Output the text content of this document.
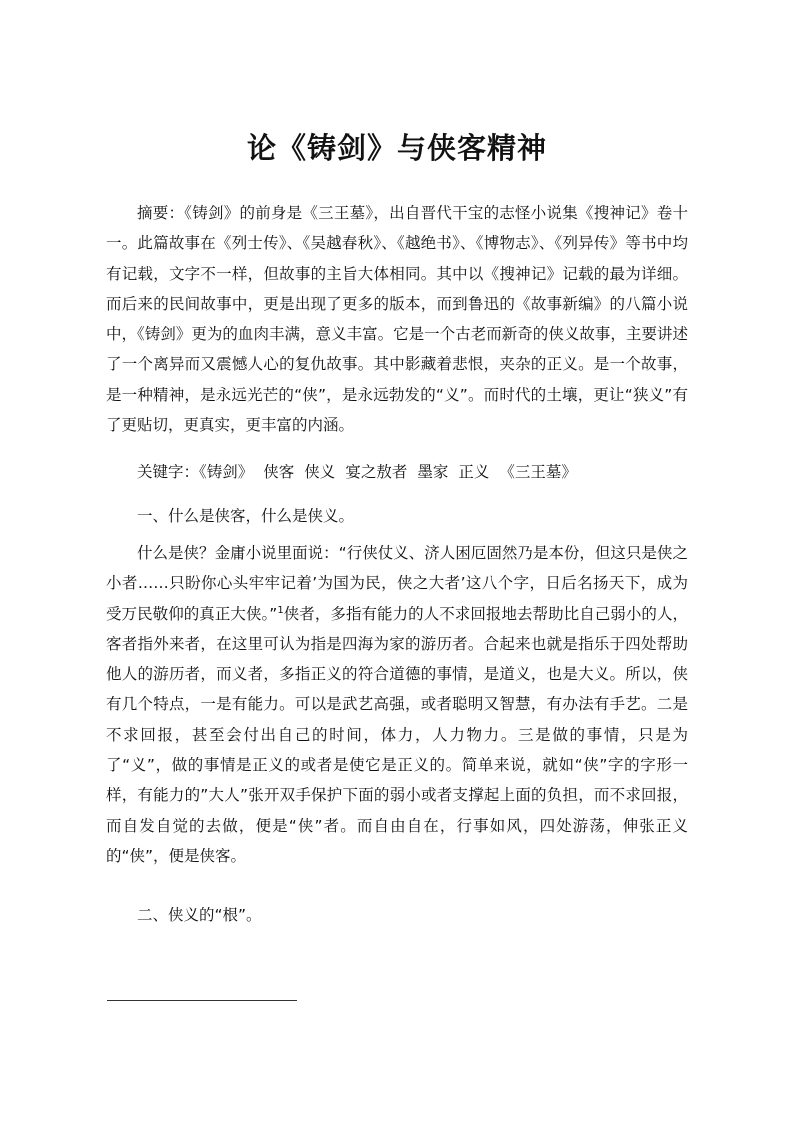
论《铸剑》与侠客精神

摘要：《铸剑》的前身是《三王墓》，出自晋代干宝的志怪小说集《搜神记》卷十一。此篇故事在《列士传》、《吴越春秋》、《越绝书》、《博物志》、《列异传》等书中均有记载，文字不一样，但故事的主旨大体相同。其中以《搜神记》记载的最为详细。而后来的民间故事中，更是出现了更多的版本，而到鲁迅的《故事新编》的八篇小说中，《铸剑》更为的血肉丰满，意义丰富。它是一个古老而新奇的侠义故事，主要讲述了一个离异而又震憾人心的复仇故事。其中影藏着悲恨，夹杂的正义。是一个故事，是一种精神，是永远光芒的“侠”，是永远勃发的“义”。而时代的土壤，更让“狭义”有了更贴切，更真实，更丰富的内涵。

关键字：《铸剑》 侠客 侠义 宴之敖者 墨家 正义 《三王墓》

一、什么是侠客，什么是侠义。

什么是侠？金庸小说里面说：“行侠仗义、济人困厄固然乃是本份，但这只是侠之小者……只盼你心头牢牢记着’为国为民，侠之大者’这八个字，日后名扬天下，成为受万民敬仰的真正大侠。”$^1$侠者，多指有能力的人不求回报地去帮助比自己弱小的人，客者指外来者，在这里可认为指是四海为家的游历者。合起来也就是指乐于四处帮助他人的游历者，而义者，多指正义的符合道德的事情，是道义，也是大义。所以，侠有几个特点，一是有能力。可以是武艺高强，或者聪明又智慧，有办法有手艺。二是不求回报，甚至会付出自己的时间，体力，人力物力。三是做的事情，只是为了“义”，做的事情是正义的或者是使它是正义的。简单来说，就如“侠”字的字形一样，有能力的”大人”张开双手保护下面的弱小或者支撑起上面的负担，而不求回报，而自发自觉的去做，便是“侠”者。而自由自在，行事如风，四处游荡，伸张正义的“侠”，便是侠客。

二、侠义的“根”。
